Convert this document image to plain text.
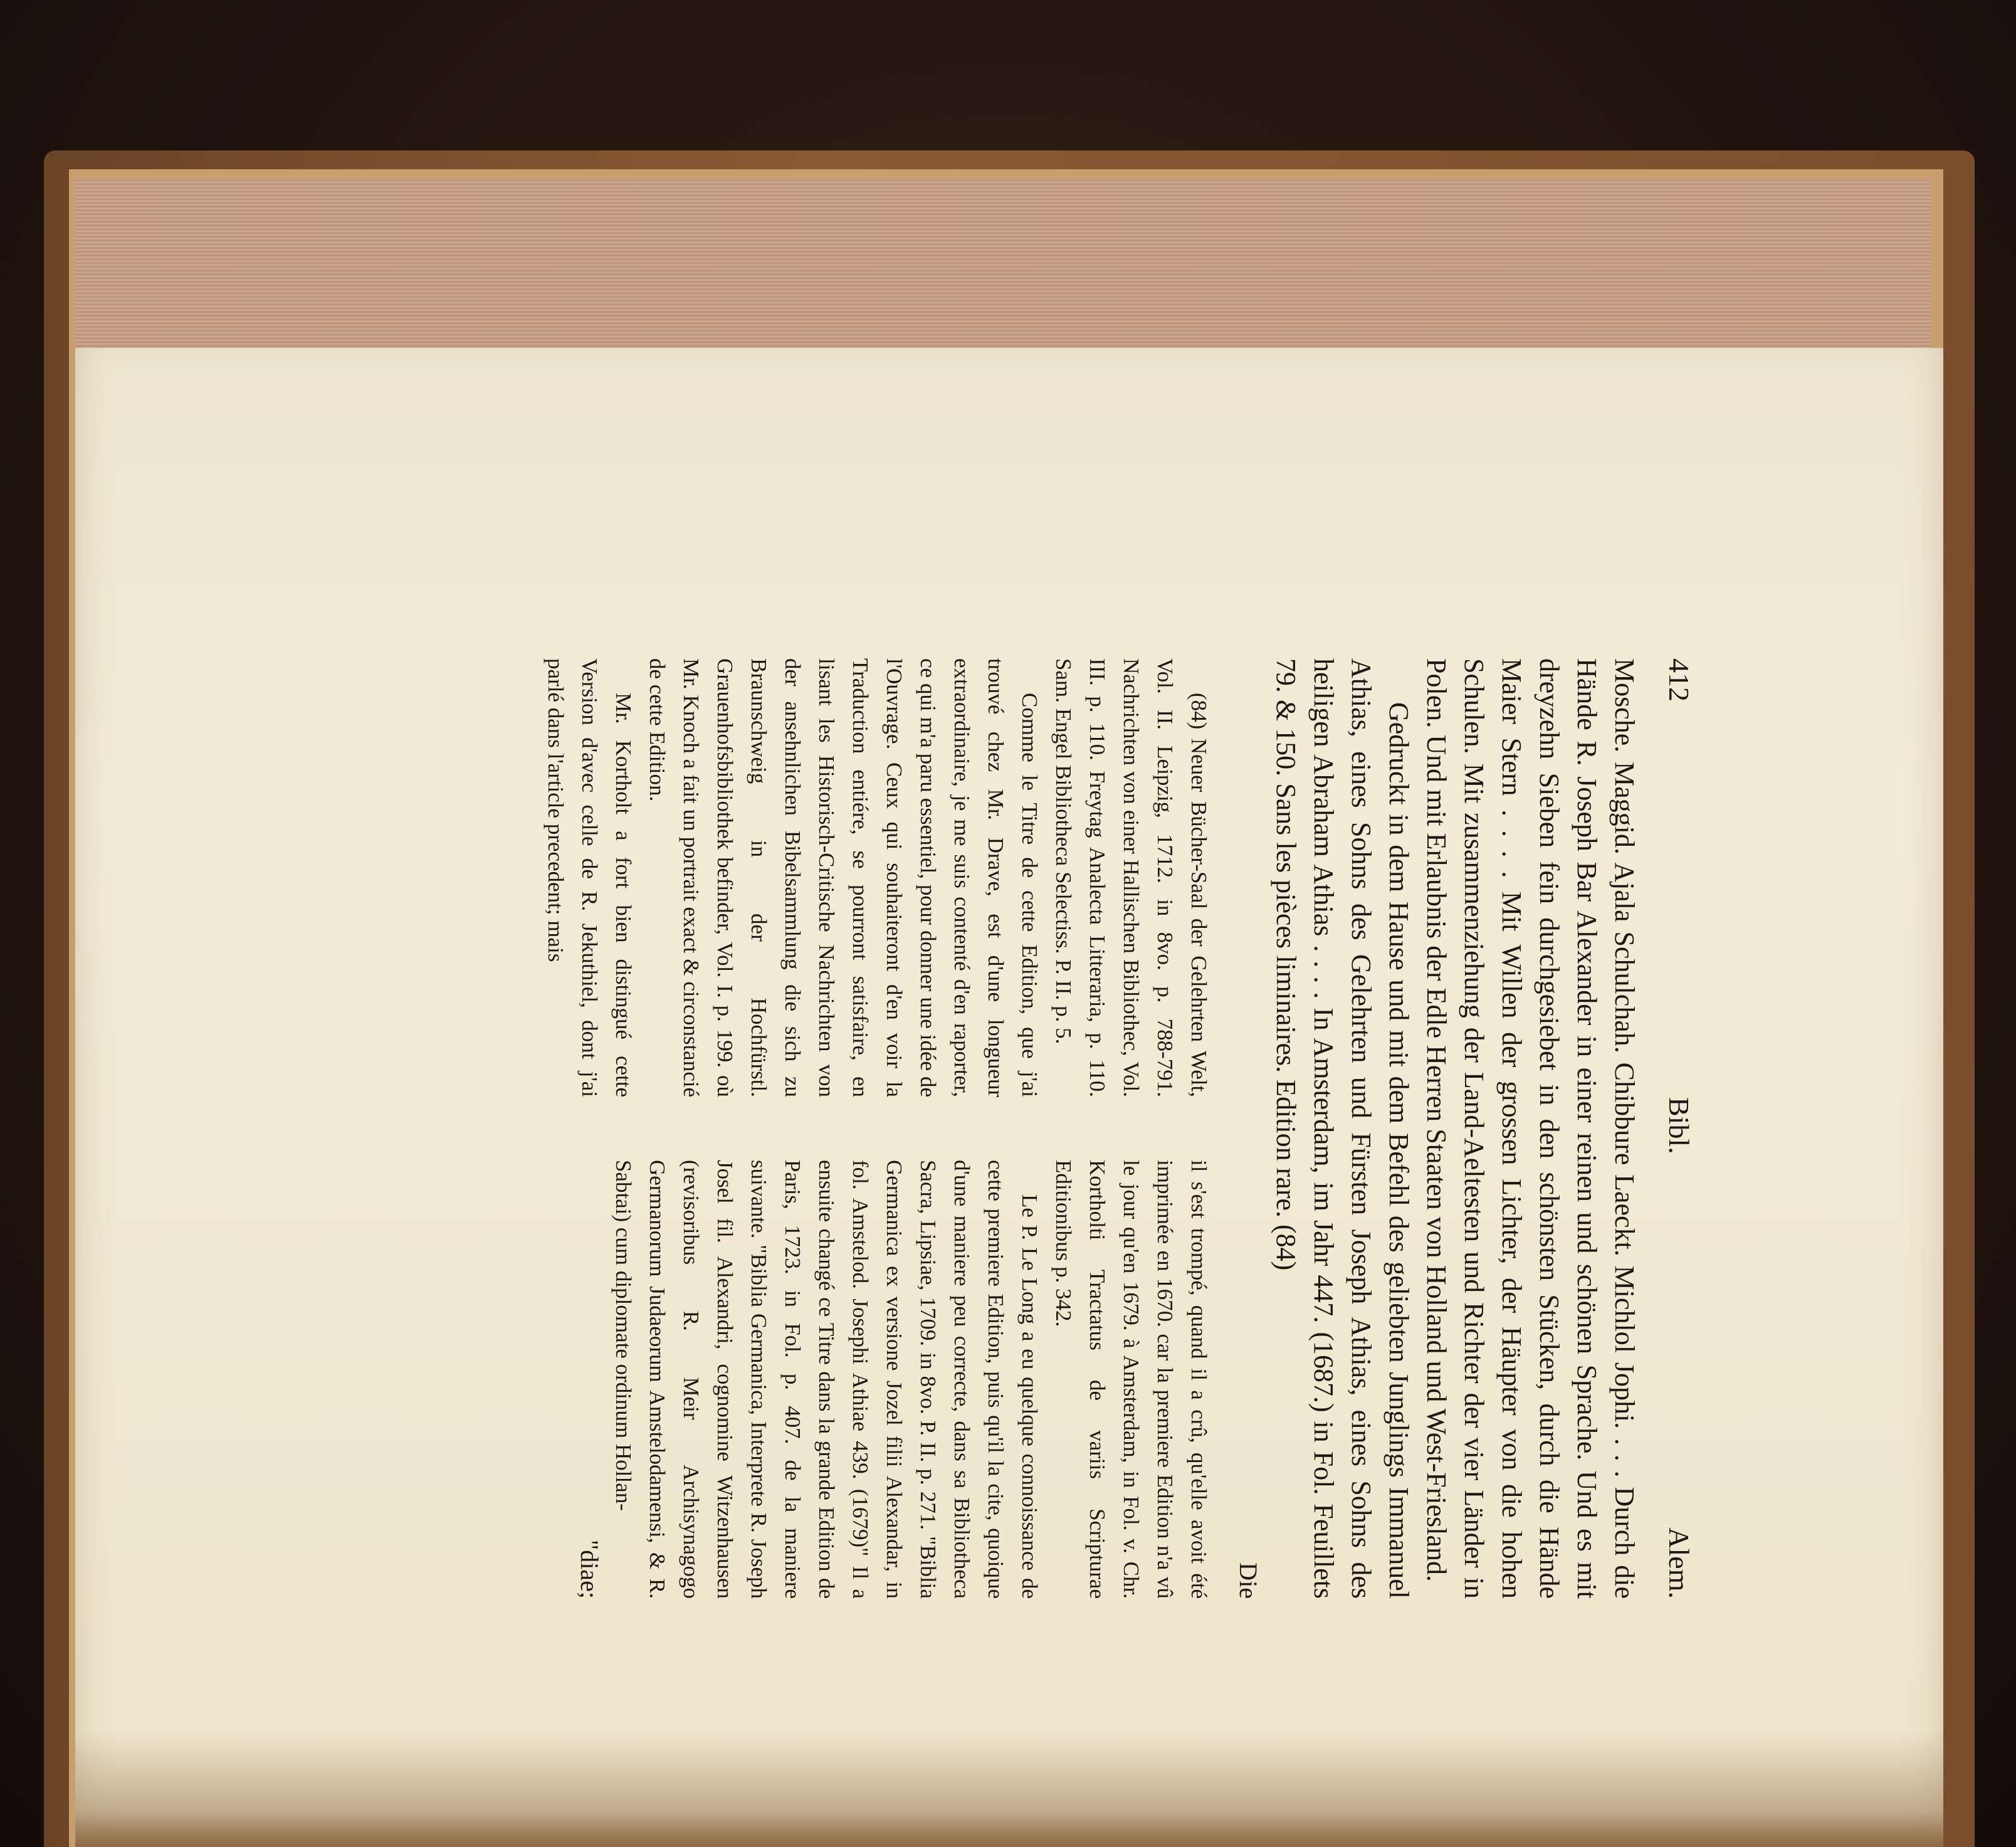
412
Bibl.
Alem.

Mosche. Maggid. Ajala Schulchah. Chibbure Laeckt. Michlol Jophi. . . . Durch die Hände R. Joseph Bar Alexander in einer reinen und schönen Sprache. Und es mit dreyzehn Sieben fein durchgesiebet in den schönsten Stücken, durch die Hände Maier Stern . . . . Mit Willen der grossen Lichter, der Häupter von die hohen Schulen. Mit zusammenziehung der Land-Aeltesten und Richter der vier Länder in Polen. Und mit Erlaubnis der Edle Herren Staaten von Holland und West-Friesland.

Gedruckt in dem Hause und mit dem Befehl des geliebten Junglings Immanuel Athias, eines Sohns des Gelehrten und Fürsten Joseph Athias, eines Sohns des heiligen Abraham Athias . . . . In Amsterdam, im Jahr 447. (1687.) in Fol. Feuillets 79. & 150. Sans les pièces liminaires. Edition rare. (84)

Die

(84) Neuer Bücher-Saal der Gelehrten Welt, Vol. II. Leipzig, 1712. in 8vo. p. 788-791. Nachrichten von einer Hallischen Bibliothec, Vol. III. p. 110. Freytag Analecta Litteraria, p. 110. Sam. Engel Bibliotheca Selectiss. P. II. p. 5.

Comme le Titre de cette Edition, que j'ai trouvé chez Mr. Drave, est d'une longueur extraordinaire, je me suis contenté d'en raporter, ce qui m'a paru essentiel, pour donner une idée de l'Ouvrage. Ceux qui souhaiteront d'en voir la Traduction entiére, se pourront satisfaire, en lisant les Historisch-Critische Nachrichten von der ansehnlichen Bibelsammlung die sich zu Braunschweig in der Hochfürstl. Grauenhofsbibliothek befinder, Vol. I. p. 199. où Mr. Knoch a fait un portrait exact & circonstancié de cette Edition.

Mr. Kortholt a fort bien distingué cette Version d'avec celle de R. Jekuthiel, dont j'ai parlé dans l'article precedent; mais

il s'est trompé, quand il a crû, qu'elle avoit été imprimée en 1670. car la premiere Edition n'a vû le jour qu'en 1679. à Amsterdam, in Fol. v. Chr. Kortholti Tractatus de variis Scripturae Editionibus p. 342.

Le P. Le Long a eu quelque connoissance de cette premiere Edition, puis qu'il la cite, quoique d'une maniere peu correcte, dans sa Bibliotheca Sacra, Lipsiae, 1709. in 8vo. P. II. p. 271. "Biblia Germanica ex versione Jozel filii Alexandar, in fol. Amstelod. Josephi Athiae 439. (1679)" Il a ensuite changé ce Titre dans la grande Edition de Paris, 1723. in Fol. p. 407. de la maniere suivante. "Biblia Germanica, Interprete R. Joseph Josel fil. Alexandri, cognomine Witzenhausen (revisoribus R. Meir Archisynagogo Germanorum Judaeorum Amstelodamensi, & R. Sabtai) cum diplomate ordinum Hollan-

"diae;
